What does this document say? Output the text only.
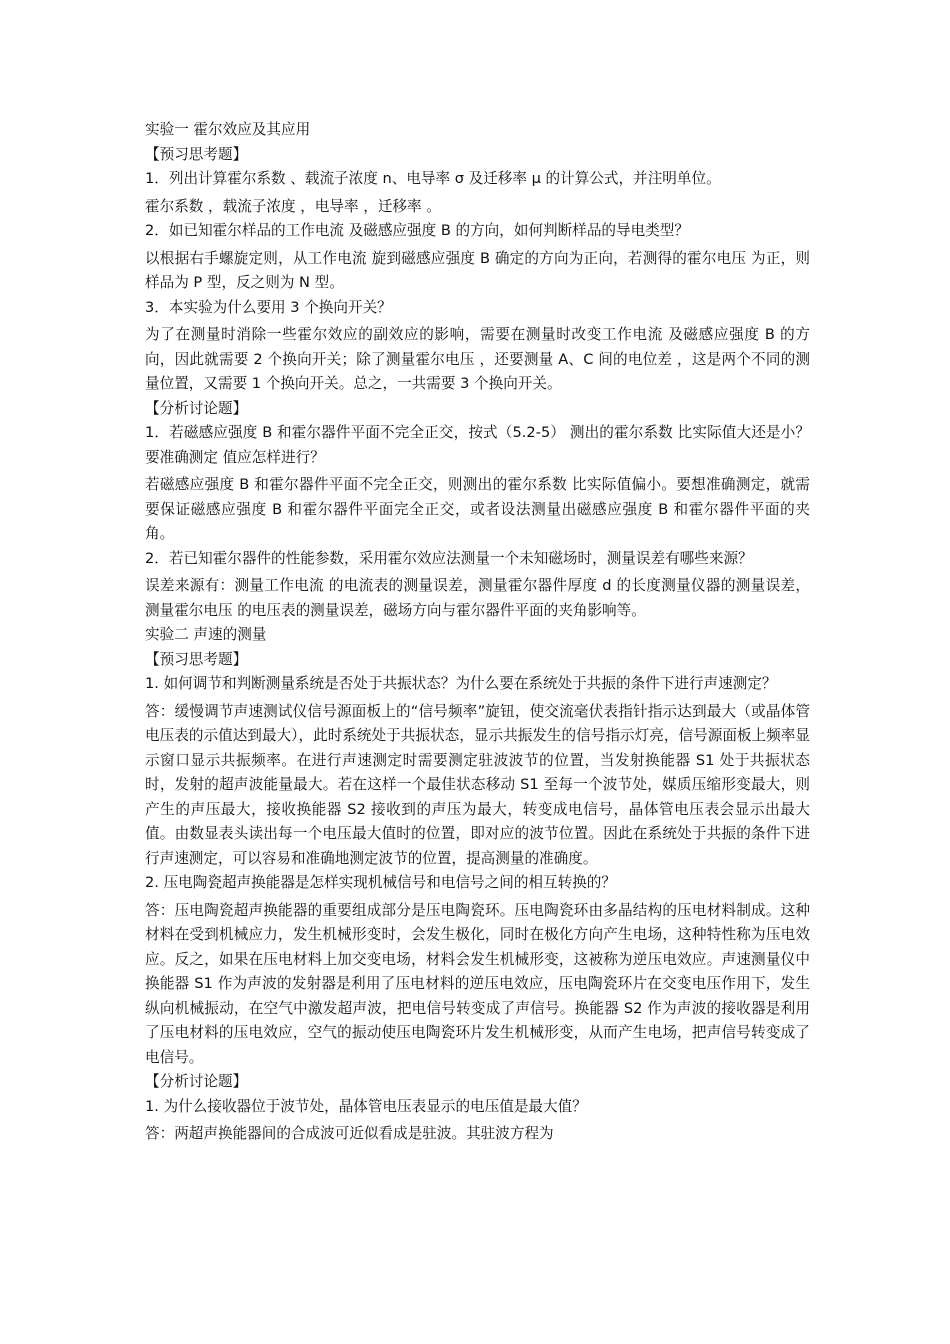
实验一 霍尔效应及其应用

【预习思考题】

1．列出计算霍尔系数 、载流子浓度 n、电导率 σ 及迁移率 μ 的计算公式，并注明单位。

霍尔系数 ，载流子浓度 ，电导率 ，迁移率 。

2．如已知霍尔样品的工作电流 及磁感应强度 B 的方向，如何判断样品的导电类型？

以根据右手螺旋定则，从工作电流 旋到磁感应强度 B 确定的方向为正向，若测得的霍尔电压 为正，则样品为 P 型，反之则为 N 型。

3．本实验为什么要用 3 个换向开关？

为了在测量时消除一些霍尔效应的副效应的影响，需要在测量时改变工作电流 及磁感应强度 B 的方向，因此就需要 2 个换向开关；除了测量霍尔电压 ，还要测量 A、C 间的电位差 ，这是两个不同的测量位置，又需要 1 个换向开关。总之，一共需要 3 个换向开关。

【分析讨论题】

1．若磁感应强度 B 和霍尔器件平面不完全正交，按式（5.2-5） 测出的霍尔系数 比实际值大还是小？要准确测定 值应怎样进行？

若磁感应强度 B 和霍尔器件平面不完全正交，则测出的霍尔系数 比实际值偏小。要想准确测定，就需要保证磁感应强度 B 和霍尔器件平面完全正交，或者设法测量出磁感应强度 B 和霍尔器件平面的夹角。

2．若已知霍尔器件的性能参数，采用霍尔效应法测量一个未知磁场时，测量误差有哪些来源？

误差来源有：测量工作电流 的电流表的测量误差，测量霍尔器件厚度 d 的长度测量仪器的测量误差，测量霍尔电压 的电压表的测量误差，磁场方向与霍尔器件平面的夹角影响等。

实验二 声速的测量

【预习思考题】

1. 如何调节和判断测量系统是否处于共振状态？为什么要在系统处于共振的条件下进行声速测定？

答：缓慢调节声速测试仪信号源面板上的“信号频率”旋钮，使交流毫伏表指针指示达到最大（或晶体管电压表的示值达到最大），此时系统处于共振状态，显示共振发生的信号指示灯亮，信号源面板上频率显示窗口显示共振频率。在进行声速测定时需要测定驻波波节的位置，当发射换能器 S1 处于共振状态时，发射的超声波能量最大。若在这样一个最佳状态移动 S1 至每一个波节处，媒质压缩形变最大，则产生的声压最大，接收换能器 S2 接收到的声压为最大，转变成电信号，晶体管电压表会显示出最大值。由数显表头读出每一个电压最大值时的位置，即对应的波节位置。因此在系统处于共振的条件下进行声速测定，可以容易和准确地测定波节的位置，提高测量的准确度。

2. 压电陶瓷超声换能器是怎样实现机械信号和电信号之间的相互转换的？

答：压电陶瓷超声换能器的重要组成部分是压电陶瓷环。压电陶瓷环由多晶结构的压电材料制成。这种材料在受到机械应力，发生机械形变时，会发生极化，同时在极化方向产生电场，这种特性称为压电效应。反之，如果在压电材料上加交变电场，材料会发生机械形变，这被称为逆压电效应。声速测量仪中换能器 S1 作为声波的发射器是利用了压电材料的逆压电效应，压电陶瓷环片在交变电压作用下，发生纵向机械振动，在空气中激发超声波，把电信号转变成了声信号。换能器 S2 作为声波的接收器是利用了压电材料的压电效应，空气的振动使压电陶瓷环片发生机械形变，从而产生电场，把声信号转变成了电信号。

【分析讨论题】

1. 为什么接收器位于波节处，晶体管电压表显示的电压值是最大值？

答：两超声换能器间的合成波可近似看成是驻波。其驻波方程为
